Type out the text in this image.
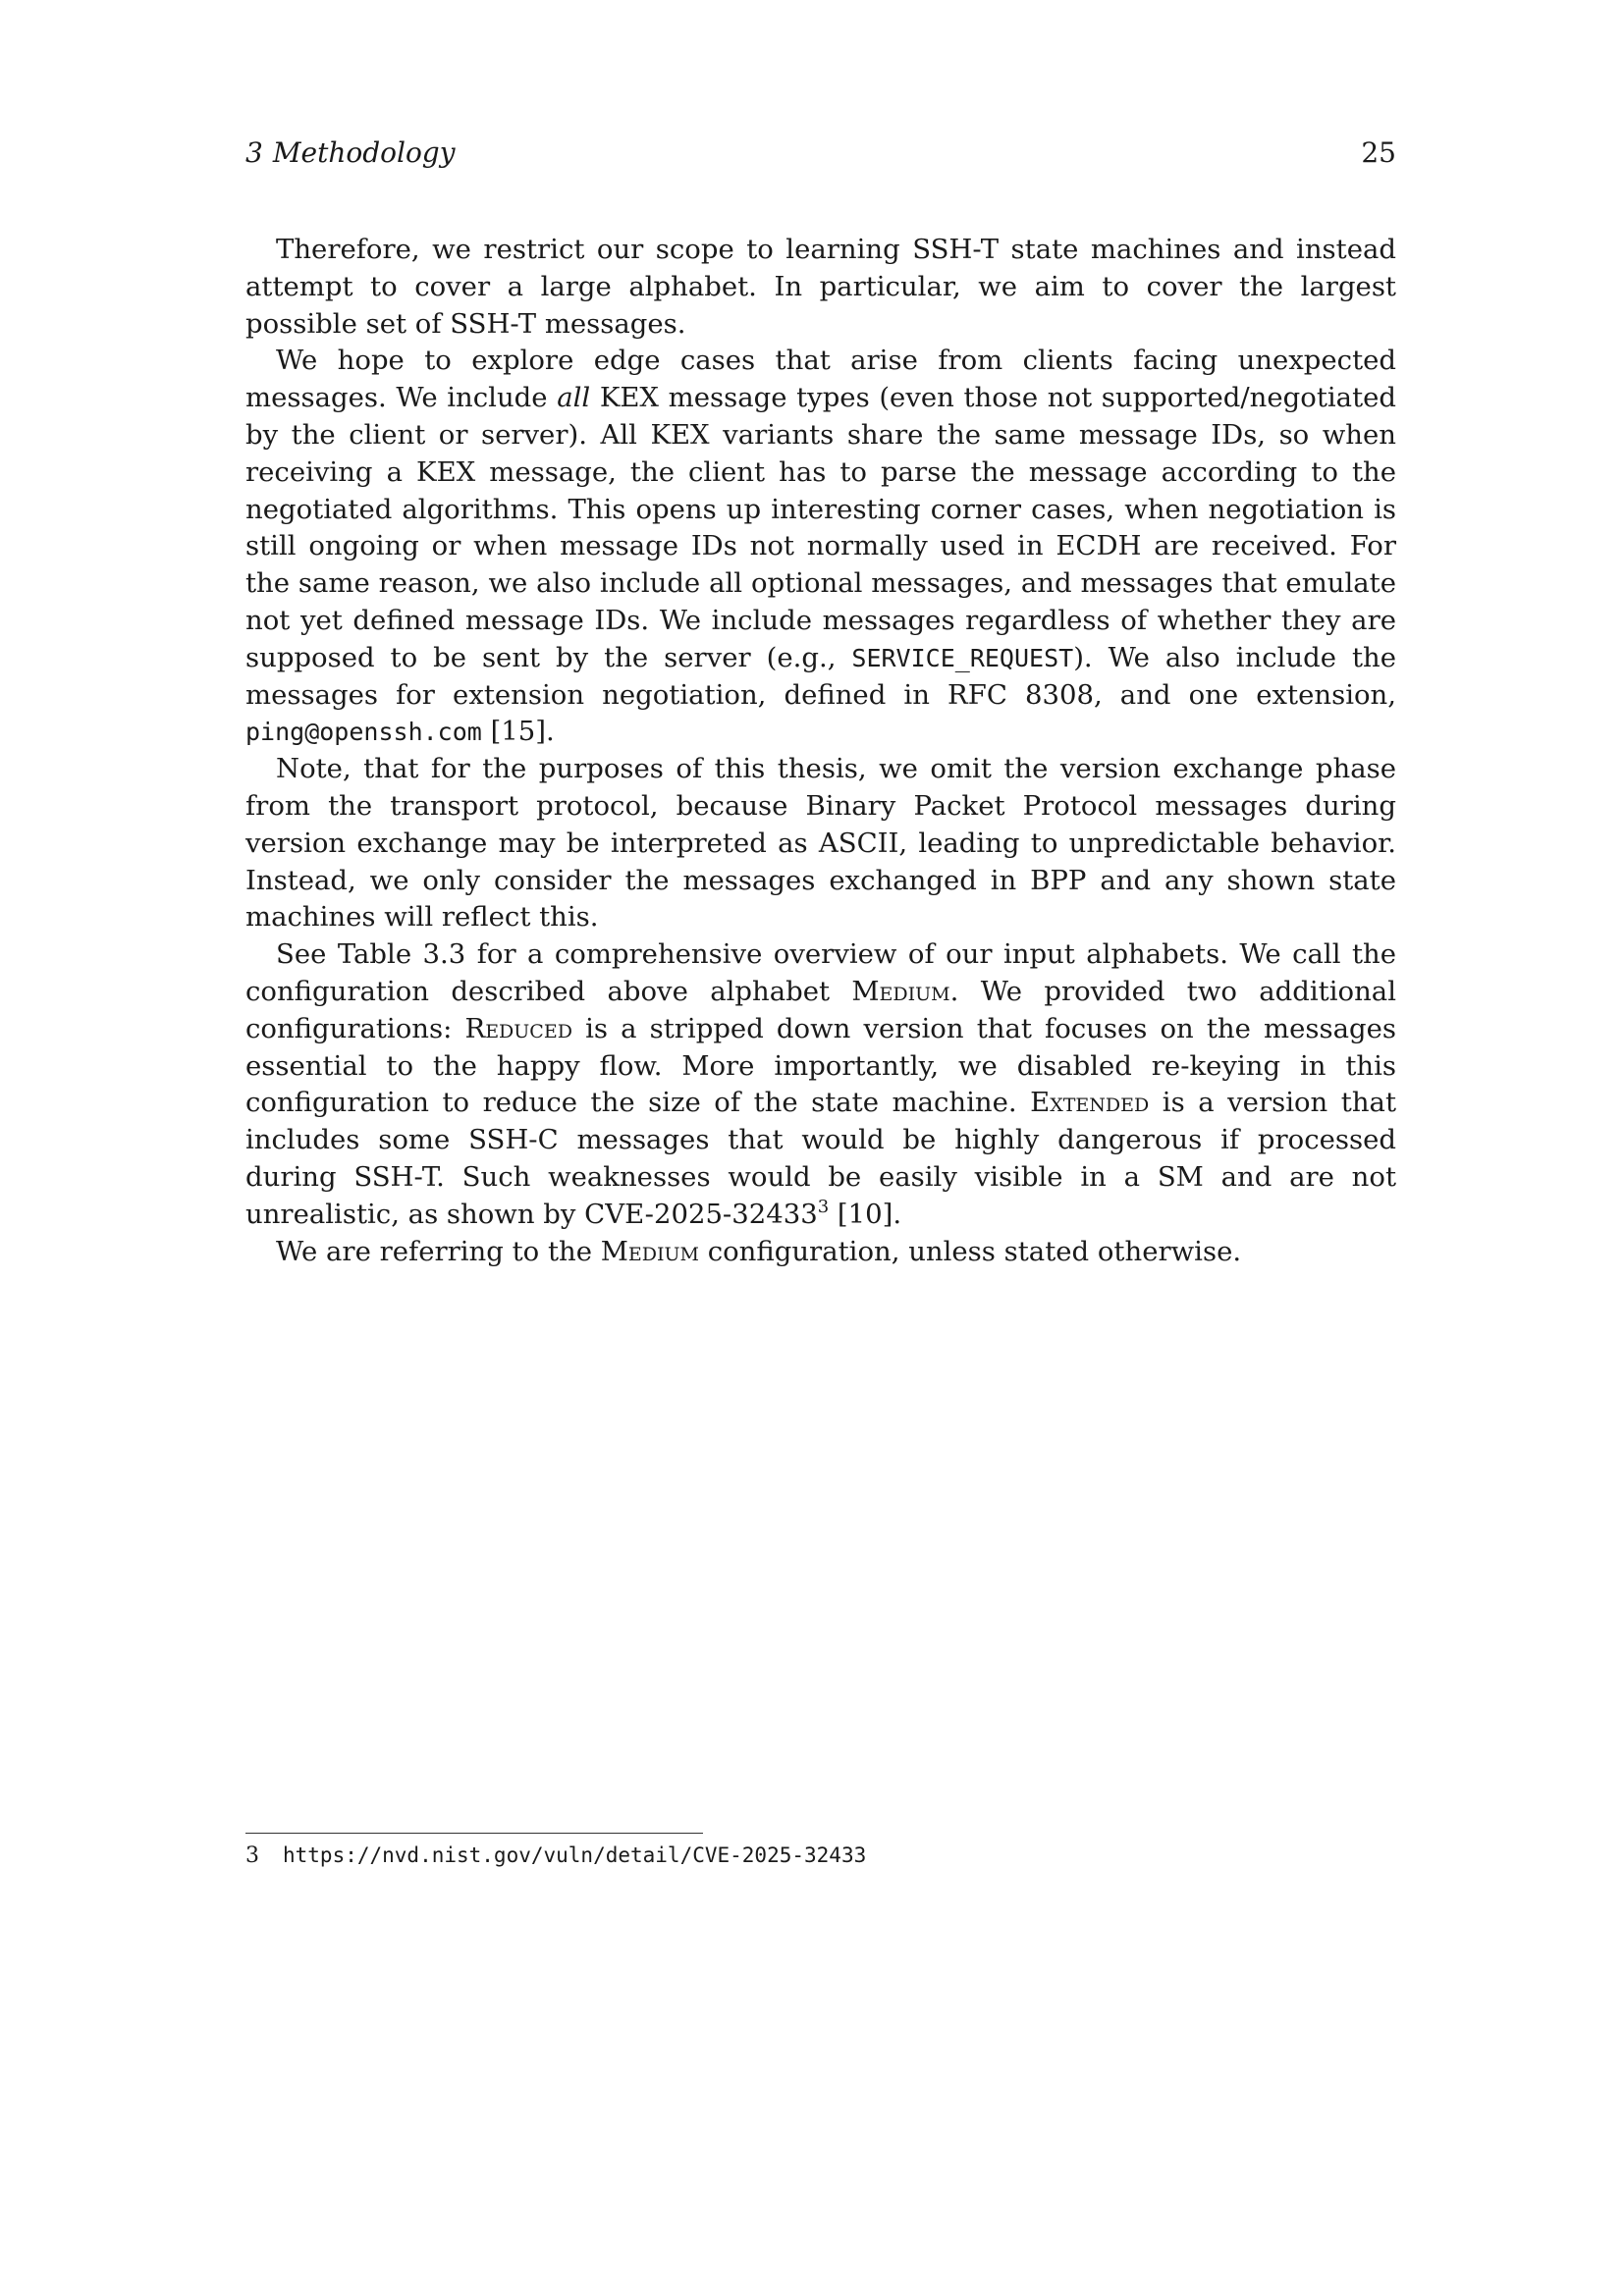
3 Methodology	25

Therefore, we restrict our scope to learning SSH-T state machines and instead attempt to cover a large alphabet. In particular, we aim to cover the largest possible set of SSH-T messages.

We hope to explore edge cases that arise from clients facing unexpected messages. We include all KEX message types (even those not supported/negotiated by the client or server). All KEX variants share the same message IDs, so when receiving a KEX message, the client has to parse the message according to the negotiated algorithms. This opens up interesting corner cases, when negotiation is still ongoing or when message IDs not normally used in ECDH are received. For the same reason, we also include all optional messages, and messages that emulate not yet defined message IDs. We include messages regardless of whether they are supposed to be sent by the server (e.g., SERVICE_REQUEST). We also include the messages for extension negotiation, defined in RFC 8308, and one extension, ping@openssh.com [15].

Note, that for the purposes of this thesis, we omit the version exchange phase from the transport protocol, because Binary Packet Protocol messages during version exchange may be interpreted as ASCII, leading to unpredictable behavior. Instead, we only consider the messages exchanged in BPP and any shown state machines will reflect this.

See Table 3.3 for a comprehensive overview of our input alphabets. We call the configuration described above alphabet Medium. We provided two additional configurations: Reduced is a stripped down version that focuses on the messages essential to the happy flow. More importantly, we disabled re-keying in this configuration to reduce the size of the state machine. Extended is a version that includes some SSH-C messages that would be highly dangerous if processed during SSH-T. Such weaknesses would be easily visible in a SM and are not unrealistic, as shown by CVE-2025-32433$^3$ [10].

We are referring to the Medium configuration, unless stated otherwise.

3 https://nvd.nist.gov/vuln/detail/CVE-2025-32433
